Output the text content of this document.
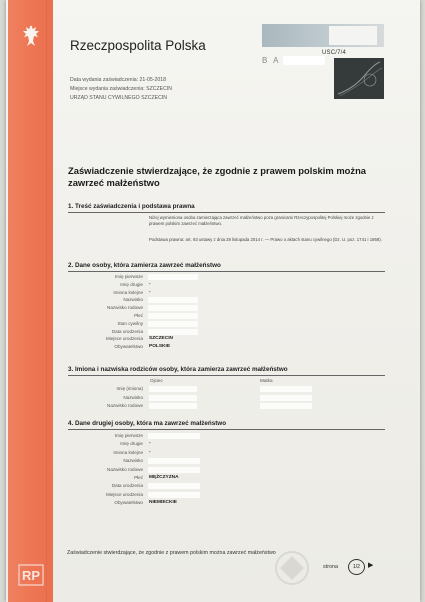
Rzeczpospolita Polska
Data wydania zaświadczenia: 21-05-2018
Miejsce wydania zaświadczenia: SZCZECIN
URZĄD STANU CYWILNEGO SZCZECIN
USC/7/4
B A
Zaświadczenie stwierdzające, że zgodnie z prawem polskim można zawrzeć małżeństwo
1. Treść zaświadczenia i podstawa prawna
Niżej wymieniona osoba zamierzająca zawrzeć małżeństwo poza granicami Rzeczypospolitej Polskiej może zgodnie z prawem polskim zawrzeć małżeństwo.
Podstawa prawna: art. 93 ustawy z dnia 28 listopada 2014 r. — Prawo o aktach stanu cywilnego (Dz. U. poz. 1741 i 1868).
2. Dane osoby, która zamierza zawrzeć małżeństwo
Imię pierwsze
Imię drugie -
Imiona kolejne -
Nazwisko
Nazwisko rodowe
Płeć
Stan cywilny
Data urodzenia
Miejsce urodzenia SZCZECIN
Obywatelstwo POLSKIE
3. Imiona i nazwiska rodziców osoby, która zamierza zawrzeć małżeństwo
Ojciec	Matka
Imię (imiona)
Nazwisko
Nazwisko rodowe
4. Dane drugiej osoby, która ma zawrzeć małżeństwo
Imię pierwsze
Imię drugie -
Imiona kolejne -
Nazwisko
Nazwisko rodowe
Płeć MĘŻCZYZNA
Data urodzenia
Miejsce urodzenia
Obywatelstwo NIEMIECKIE
Zaświadczenie stwierdzające, że zgodnie z prawem polskim można zawrzeć małżeństwo
strona	1/2	▶
RP
